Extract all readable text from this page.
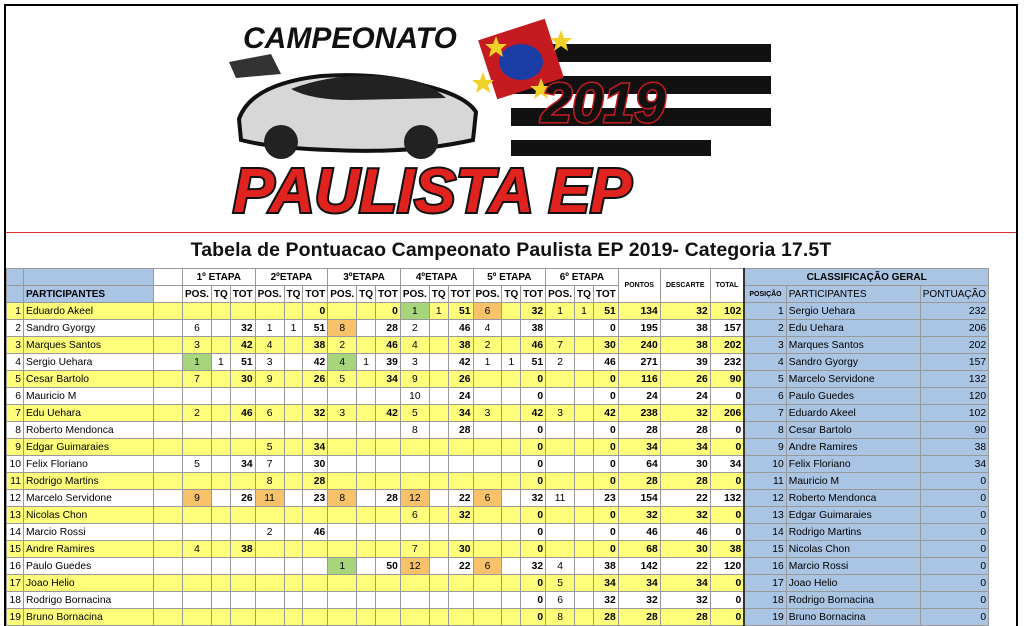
CAMPEONATO
2019
PAULISTA EP
Tabela de Pontuacao Campeonato Paulista EP 2019- Categoria 17.5T
			1º ETAPA			2ºETAPA			3ºETAPA			4ºETAPA			5º ETAPA			6º ETAPA			PONTOS	DESCARTE	TOTAL	CLASSIFICAÇÃO GERAL		
	PARTICIPANTES		POS.	TQ	TOT	POS.	TQ	TOT	POS.	TQ	TOT	POS.	TQ	TOT	POS.	TQ	TOT	POS.	TQ	TOT				POSIÇÃO	PARTICIPANTES	PONTUAÇÃO
1	Eduardo Akeel							0			0	1	1	51	6		32	1	1	51	134	32	102	1	Sergio Uehara	232
2	Sandro Gyorgy		6		32	1	1	51	8		28	2		46	4		38			0	195	38	157	2	Edu Uehara	206
3	Marques Santos		3		42	4		38	2		46	4		38	2		46	7		30	240	38	202	3	Marques Santos	202
4	Sergio Uehara		1	1	51	3		42	4	1	39	3		42	1	1	51	2		46	271	39	232	4	Sandro Gyorgy	157
5	Cesar Bartolo		7		30	9		26	5		34	9		26			0			0	116	26	90	5	Marcelo Servidone	132
6	Mauricio M											10		24			0			0	24	24	0	6	Paulo Guedes	120
7	Edu Uehara		2		46	6		32	3		42	5		34	3		42	3		42	238	32	206	7	Eduardo Akeel	102
8	Roberto Mendonca											8		28			0			0	28	28	0	8	Cesar Bartolo	90
9	Edgar Guimaraies					5		34									0			0	34	34	0	9	Andre Ramires	38
10	Felix Floriano		5		34	7		30									0			0	64	30	34	10	Felix Floriano	34
11	Rodrigo Martins					8		28									0			0	28	28	0	11	Mauricio M	0
12	Marcelo Servidone		9		26	11		23	8		28	12		22	6		32	11		23	154	22	132	12	Roberto Mendonca	0
13	Nicolas Chon											6		32			0			0	32	32	0	13	Edgar Guimaraies	0
14	Marcio Rossi					2		46									0			0	46	46	0	14	Rodrigo Martins	0
15	Andre Ramires		4		38							7		30			0			0	68	30	38	15	Nicolas Chon	0
16	Paulo Guedes								1		50	12		22	6		32	4		38	142	22	120	16	Marcio Rossi	0
17	Joao Helio																0	5		34	34	34	0	17	Joao Helio	0
18	Rodrigo Bornacina																0	6		32	32	32	0	18	Rodrigo Bornacina	0
19	Bruno Bornacina																0	8		28	28	28	0	19	Bruno Bornacina	0
